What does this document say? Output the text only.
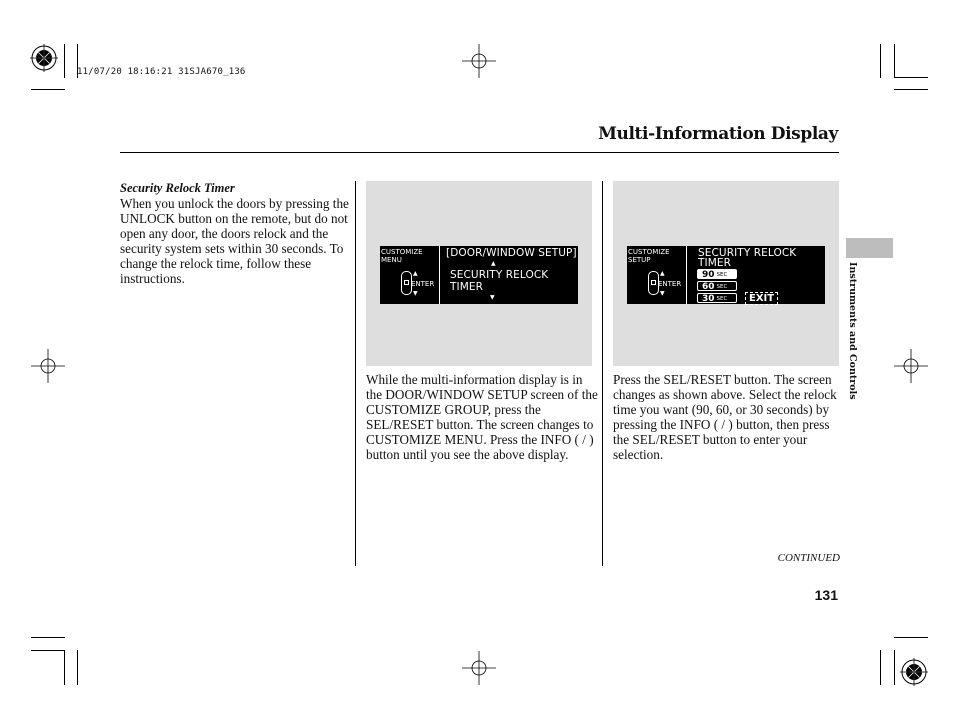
11/07/20 18:16:21 31SJA670_136
Multi-Information Display
Security Relock Timer
When you unlock the doors by pressing the UNLOCK button on the remote, but do not open any door, the doors relock and the security system sets within 30 seconds. To change the relock time, follow these instructions.
CUSTOMIZE
MENU
▲
▼
ENTER
[DOOR/WINDOW SETUP]
▲
SECURITY RELOCK
TIMER
▼
CUSTOMIZE
SETUP
▲
▼
ENTER
SECURITY RELOCK
TIMER
90 $^{SEC}$
60 $^{SEC}$
30 $^{SEC}$	EXIT
While the multi-information display is in the DOOR/WINDOW SETUP screen of the CUSTOMIZE GROUP, press the SEL/RESET button. The screen changes to CUSTOMIZE MENU. Press the INFO ( / ) button until you see the above display.
Press the SEL/RESET button. The screen changes as shown above. Select the relock time you want (90, 60, or 30 seconds) by pressing the INFO ( / ) button, then press the SEL/RESET button to enter your selection.
Instruments and Controls
CONTINUED
131
